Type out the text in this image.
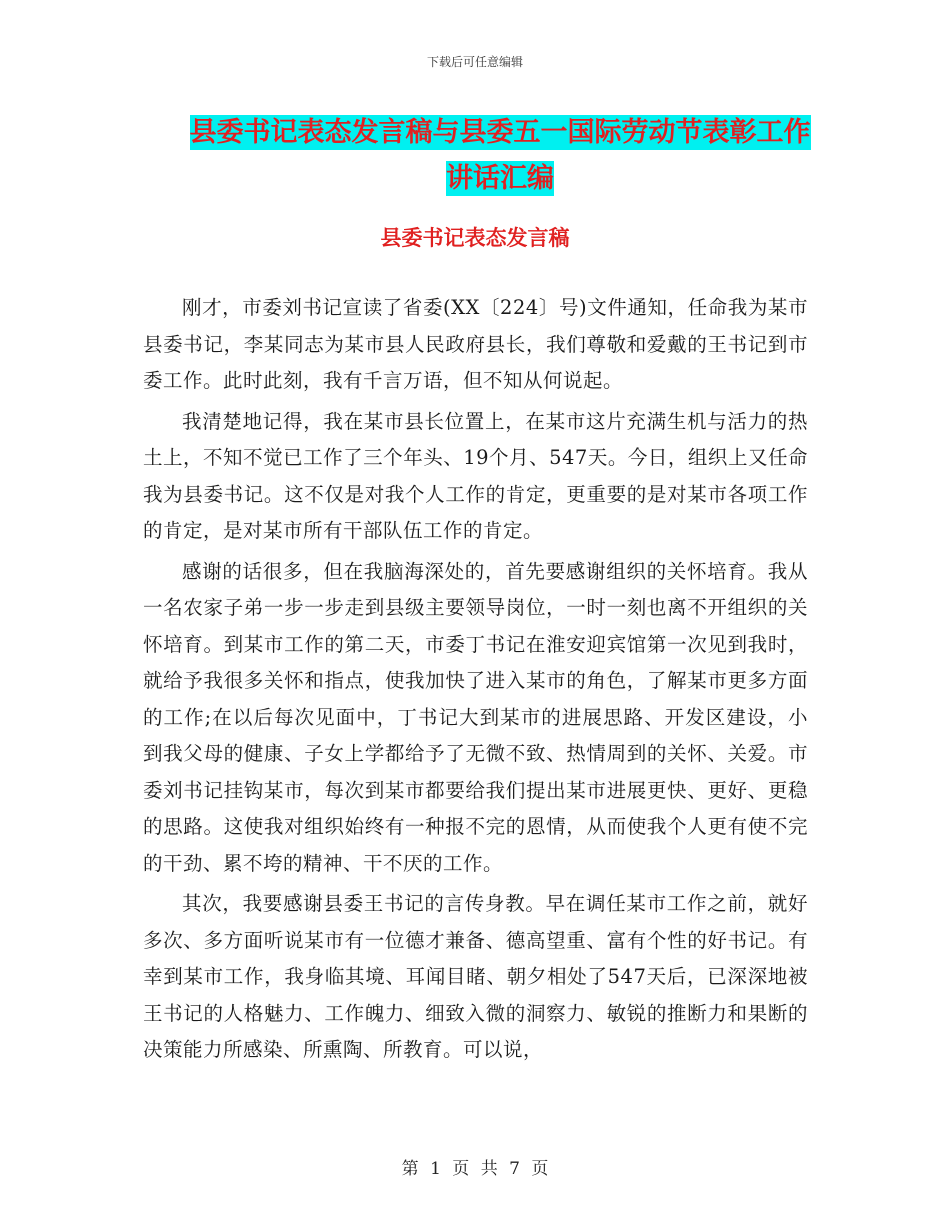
下载后可任意编辑
县委书记表态发言稿与县委五一国际劳动节表彰工作
讲话汇编
县委书记表态发言稿

刚才，市委刘书记宣读了省委(XX〔224〕号)文件通知，任命我为某市县委书记，李某同志为某市县人民政府县长，我们尊敬和爱戴的王书记到市委工作。此时此刻，我有千言万语，但不知从何说起。

我清楚地记得，我在某市县长位置上，在某市这片充满生机与活力的热土上，不知不觉已工作了三个年头、19个月、547天。今日，组织上又任命我为县委书记。这不仅是对我个人工作的肯定，更重要的是对某市各项工作的肯定，是对某市所有干部队伍工作的肯定。

感谢的话很多，但在我脑海深处的，首先要感谢组织的关怀培育。我从一名农家子弟一步一步走到县级主要领导岗位，一时一刻也离不开组织的关怀培育。到某市工作的第二天，市委丁书记在淮安迎宾馆第一次见到我时，就给予我很多关怀和指点，使我加快了进入某市的角色，了解某市更多方面的工作;在以后每次见面中，丁书记大到某市的进展思路、开发区建设，小到我父母的健康、子女上学都给予了无微不致、热情周到的关怀、关爱。市委刘书记挂钩某市，每次到某市都要给我们提出某市进展更快、更好、更稳的思路。这使我对组织始终有一种报不完的恩情，从而使我个人更有使不完的干劲、累不垮的精神、干不厌的工作。

其次，我要感谢县委王书记的言传身教。早在调任某市工作之前，就好多次、多方面听说某市有一位德才兼备、德高望重、富有个性的好书记。有幸到某市工作，我身临其境、耳闻目睹、朝夕相处了547天后，已深深地被王书记的人格魅力、工作魄力、细致入微的洞察力、敏锐的推断力和果断的决策能力所感染、所熏陶、所教育。可以说，

第 1 页 共 7 页
